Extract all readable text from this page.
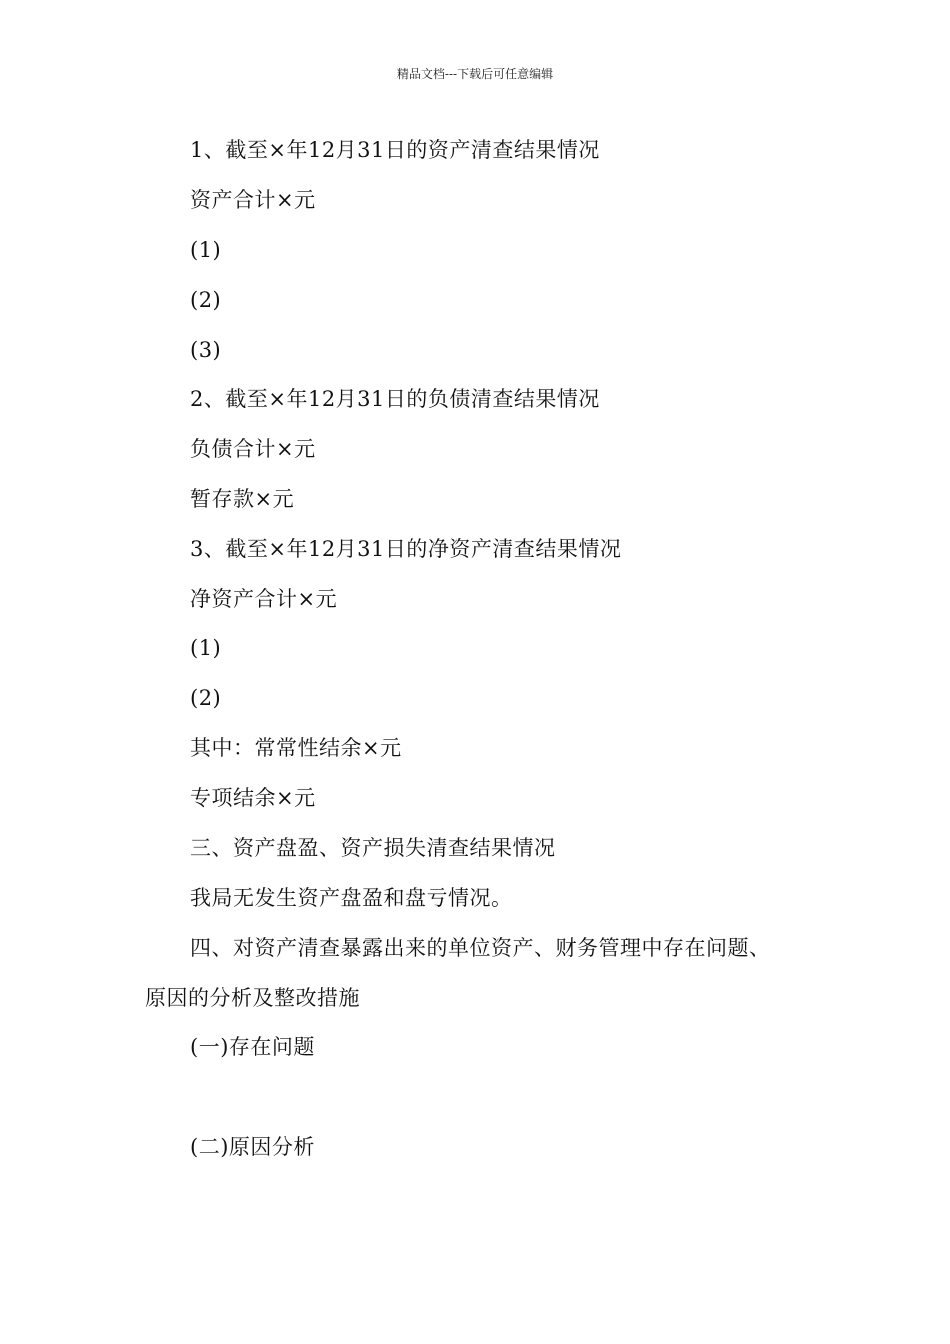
精品文档---下载后可任意编辑
1、截至×年12月31日的资产清查结果情况
资产合计×元
(1)
(2)
(3)
2、截至×年12月31日的负债清查结果情况
负债合计×元
暂存款×元
3、截至×年12月31日的净资产清查结果情况
净资产合计×元
(1)
(2)
其中：常常性结余×元
专项结余×元
三、资产盘盈、资产损失清查结果情况
我局无发生资产盘盈和盘亏情况。
四、对资产清查暴露出来的单位资产、财务管理中存在问题、
原因的分析及整改措施
(一)存在问题
(二)原因分析
